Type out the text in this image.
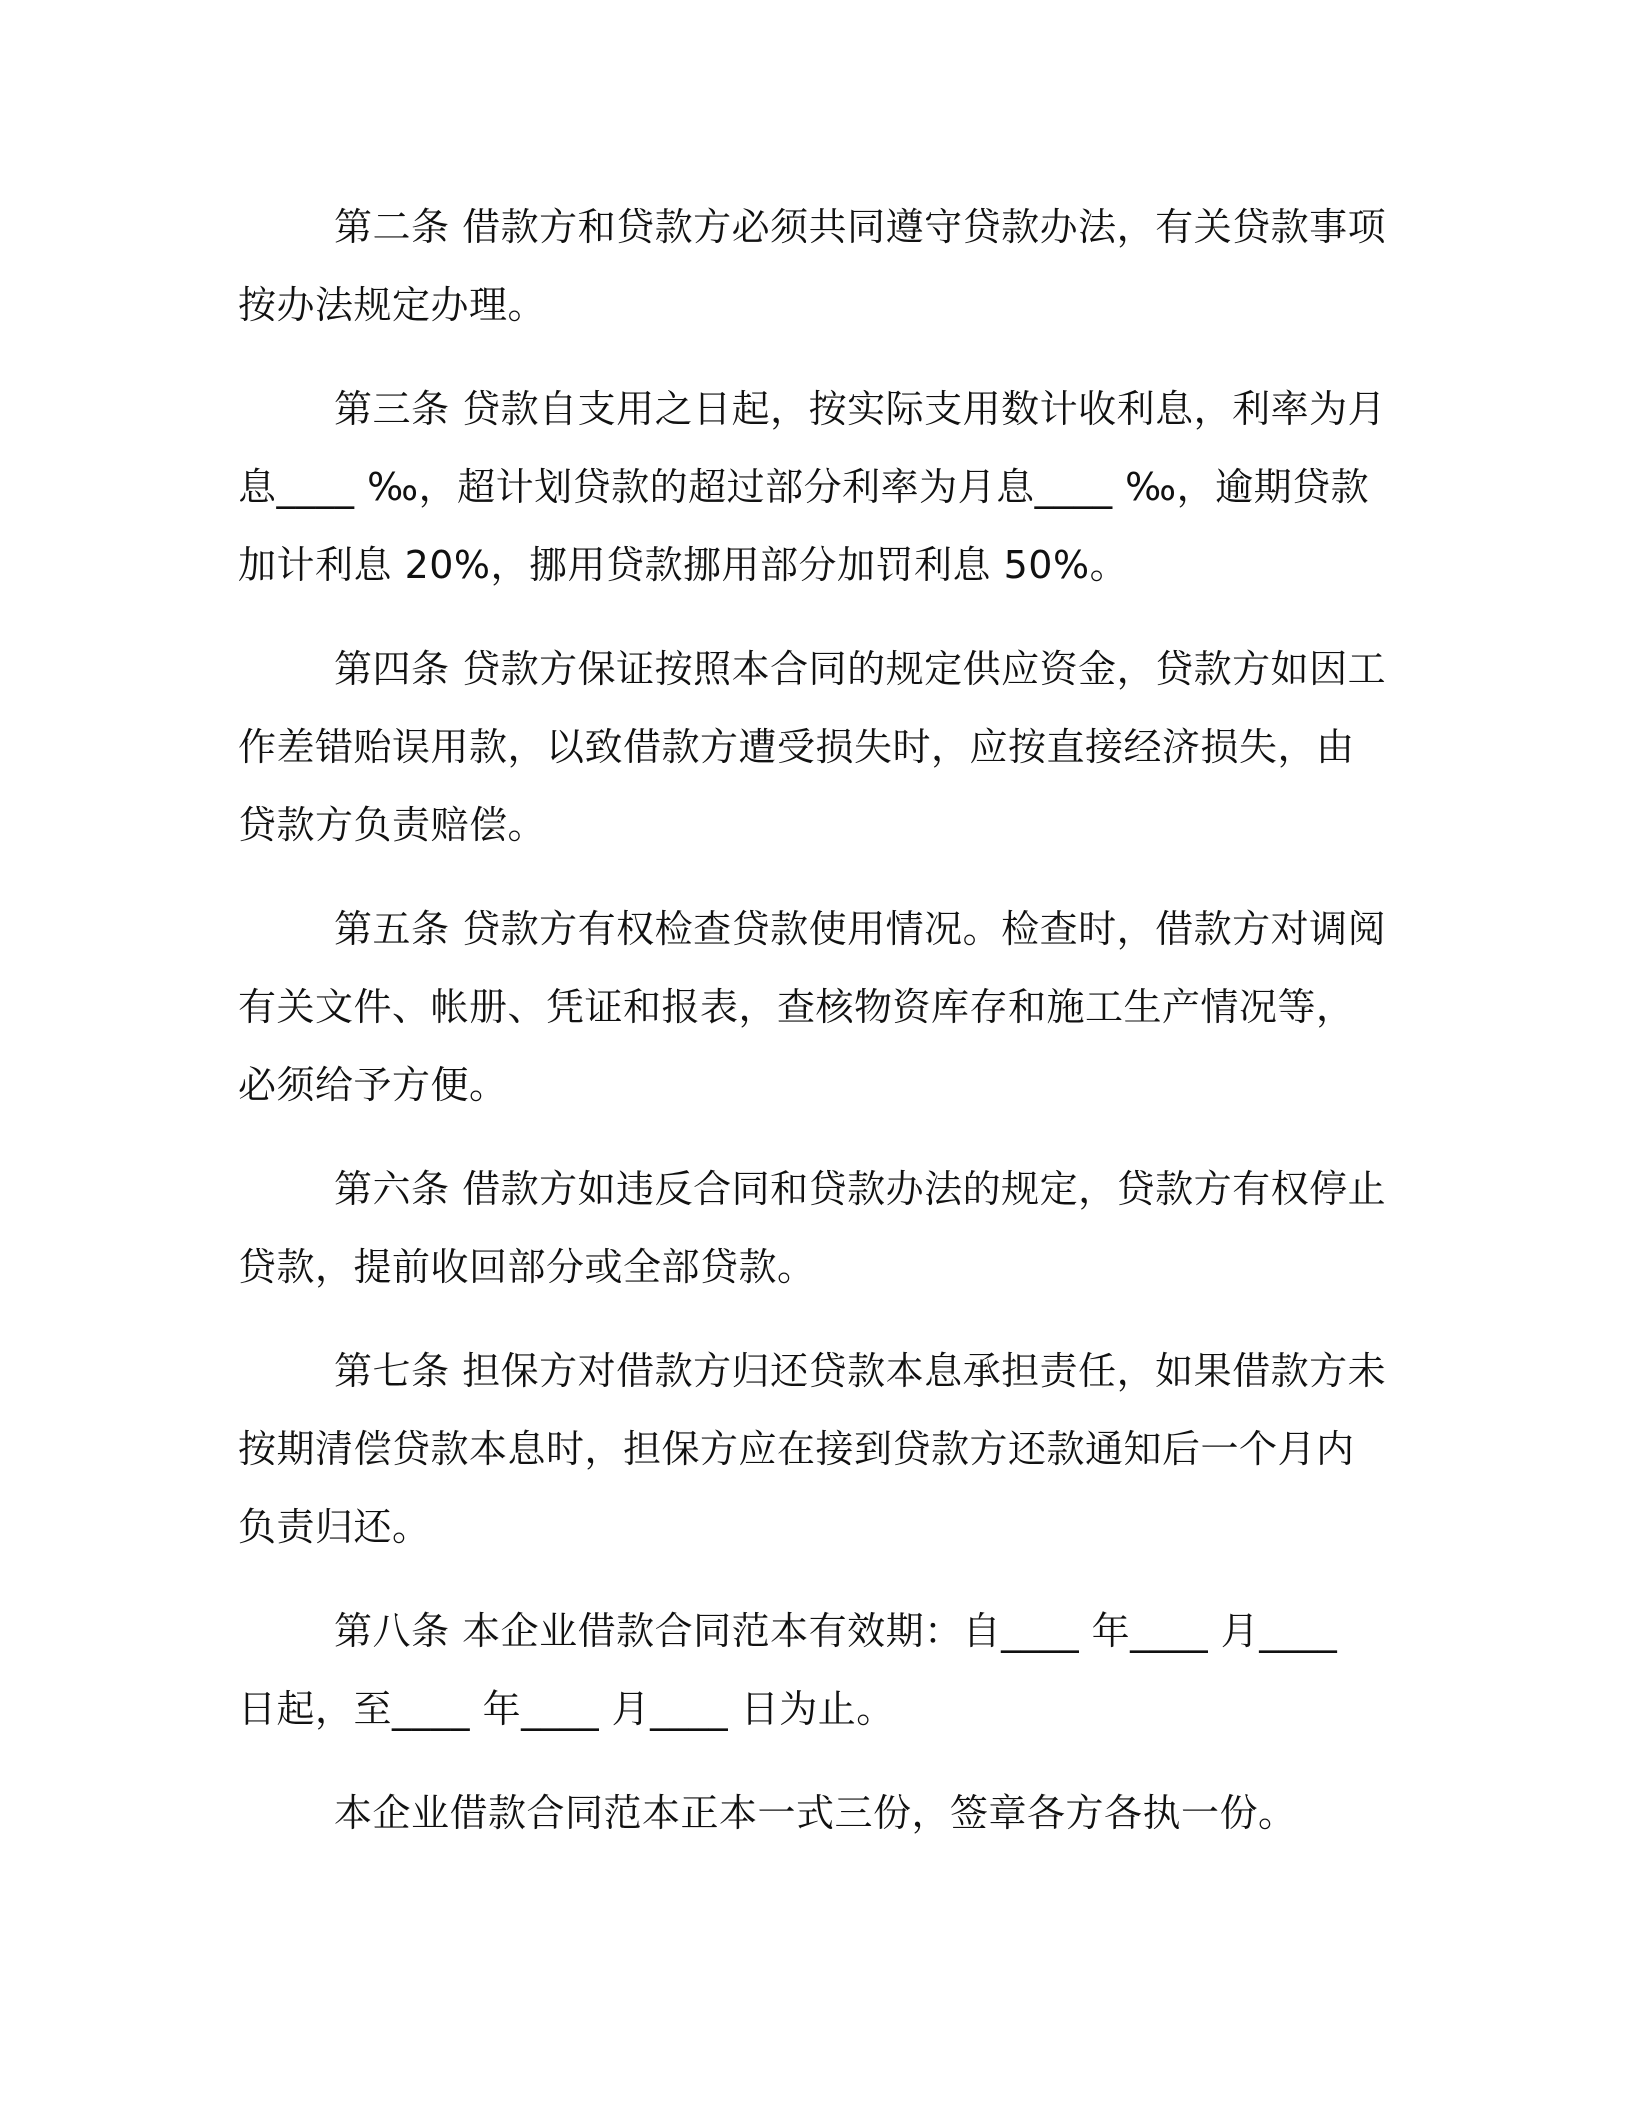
第二条 借款方和贷款方必须共同遵守贷款办法，有关贷款事项按办法规定办理。

第三条 贷款自支用之日起，按实际支用数计收利息，利率为月息____ ‰，超计划贷款的超过部分利率为月息____ ‰，逾期贷款加计利息 20%，挪用贷款挪用部分加罚利息 50%。

第四条 贷款方保证按照本合同的规定供应资金，贷款方如因工作差错贻误用款，以致借款方遭受损失时，应按直接经济损失，由贷款方负责赔偿。

第五条 贷款方有权检查贷款使用情况。检查时，借款方对调阅有关文件、帐册、凭证和报表，查核物资库存和施工生产情况等，必须给予方便。

第六条 借款方如违反合同和贷款办法的规定，贷款方有权停止贷款，提前收回部分或全部贷款。

第七条 担保方对借款方归还贷款本息承担责任，如果借款方未按期清偿贷款本息时，担保方应在接到贷款方还款通知后一个月内负责归还。

第八条 本企业借款合同范本有效期：自____ 年____ 月____ 日起，至____ 年____ 月____ 日为止。

本企业借款合同范本正本一式三份，签章各方各执一份。
